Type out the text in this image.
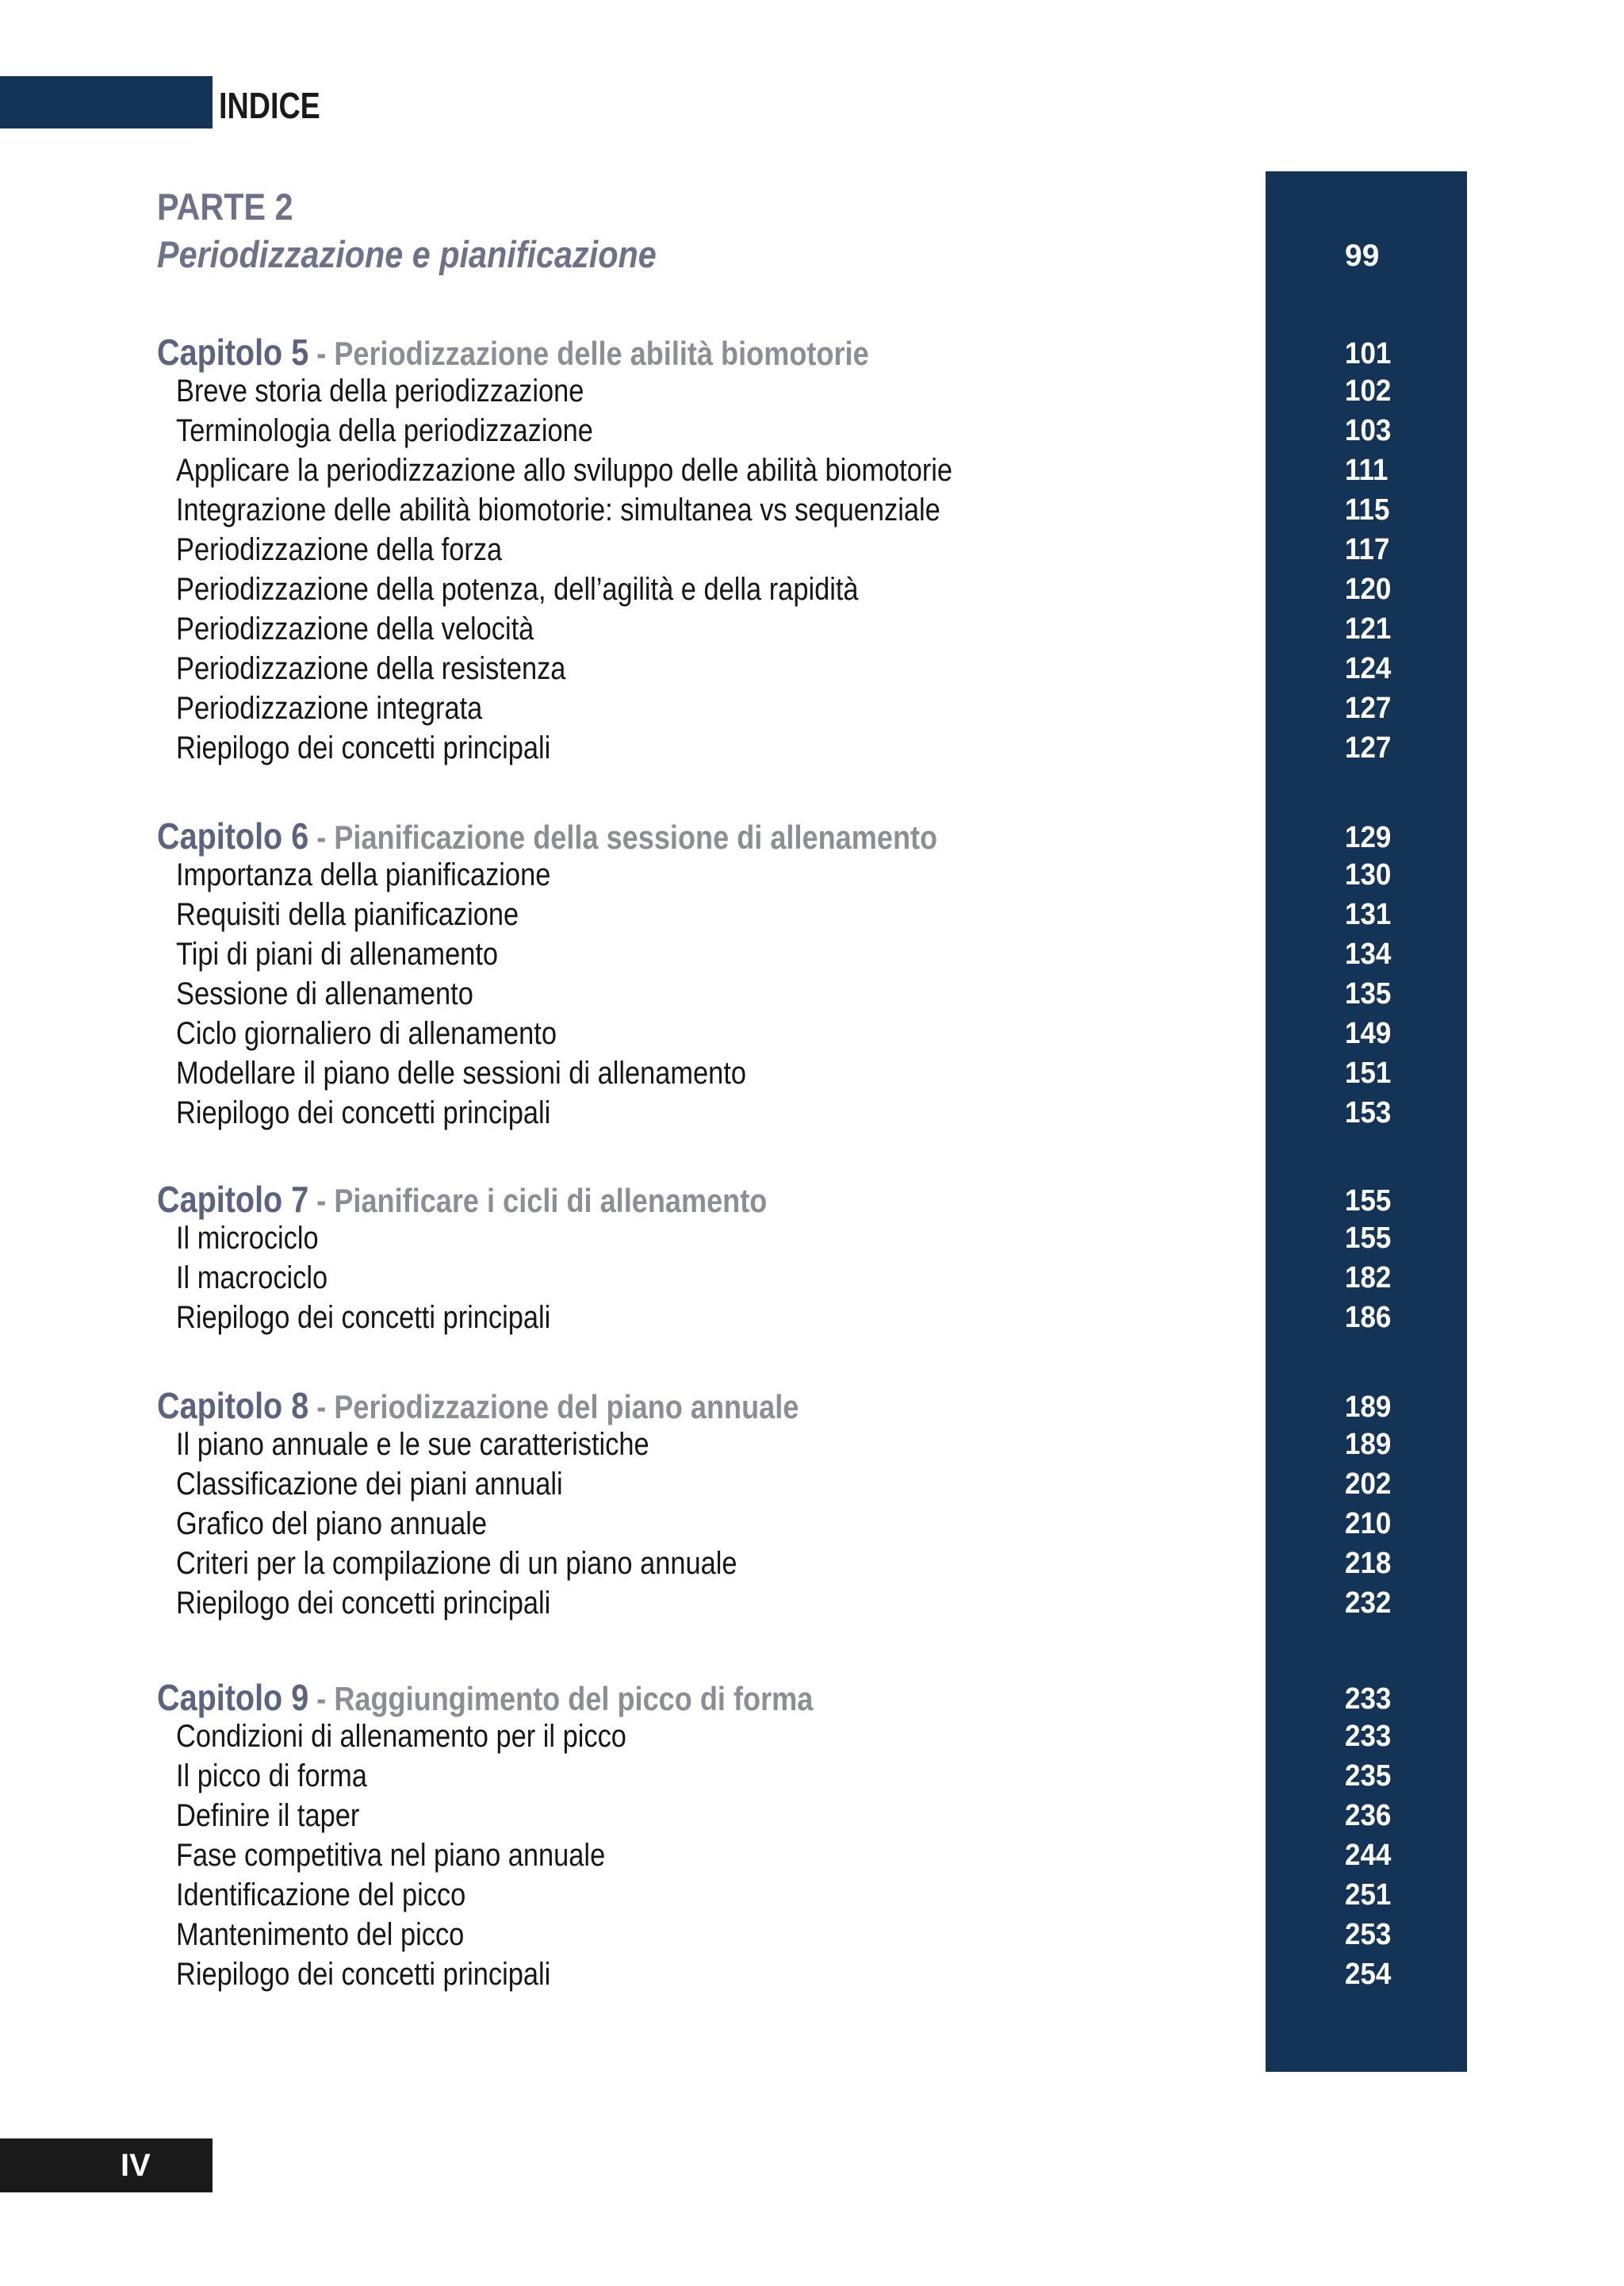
INDICE
PARTE 2
Periodizzazione e pianificazione	99
Capitolo 5 - Periodizzazione delle abilità biomotorie	101
Breve storia della periodizzazione	102
Terminologia della periodizzazione	103
Applicare la periodizzazione allo sviluppo delle abilità biomotorie	111
Integrazione delle abilità biomotorie: simultanea vs sequenziale	115
Periodizzazione della forza	117
Periodizzazione della potenza, dell’agilità e della rapidità	120
Periodizzazione della velocità	121
Periodizzazione della resistenza	124
Periodizzazione integrata	127
Riepilogo dei concetti principali	127
Capitolo 6 - Pianificazione della sessione di allenamento	129
Importanza della pianificazione	130
Requisiti della pianificazione	131
Tipi di piani di allenamento	134
Sessione di allenamento	135
Ciclo giornaliero di allenamento	149
Modellare il piano delle sessioni di allenamento	151
Riepilogo dei concetti principali	153
Capitolo 7 - Pianificare i cicli di allenamento	155
Il microciclo	155
Il macrociclo	182
Riepilogo dei concetti principali	186
Capitolo 8 - Periodizzazione del piano annuale	189
Il piano annuale e le sue caratteristiche	189
Classificazione dei piani annuali	202
Grafico del piano annuale	210
Criteri per la compilazione di un piano annuale	218
Riepilogo dei concetti principali	232
Capitolo 9 - Raggiungimento del picco di forma	233
Condizioni di allenamento per il picco	233
Il picco di forma	235
Definire il taper	236
Fase competitiva nel piano annuale	244
Identificazione del picco	251
Mantenimento del picco	253
Riepilogo dei concetti principali	254
IV
